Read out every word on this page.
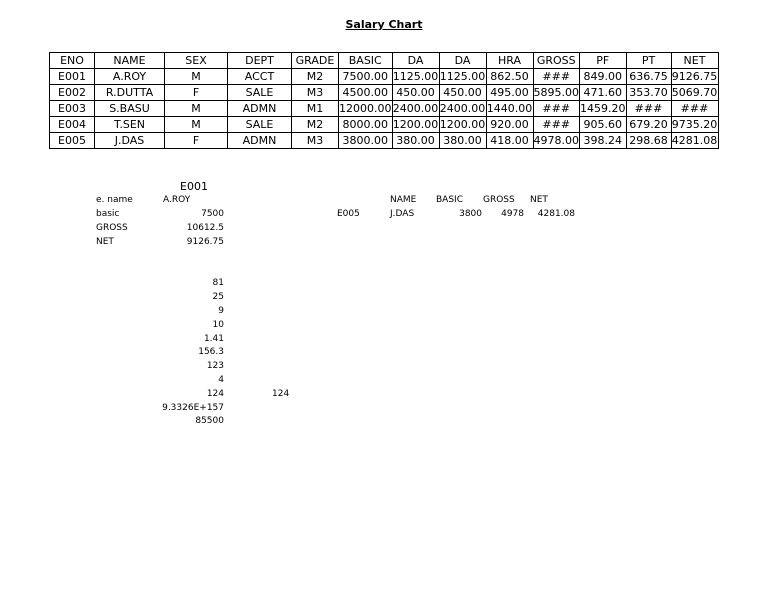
Salary Chart
ENO	NAME	SEX	DEPT	GRADE	BASIC	DA	DA	HRA	GROSS	PF	PT	NET
E001	A.ROY	M	ACCT	M2	7500.00	1125.00	1125.00	862.50	###	849.00	636.75	9126.75
E002	R.DUTTA	F	SALE	M3	4500.00	450.00	450.00	495.00	5895.00	471.60	353.70	5069.70
E003	S.BASU	M	ADMN	M1	12000.00	2400.00	2400.00	1440.00	###	1459.20	###	###
E004	T.SEN	M	SALE	M2	8000.00	1200.00	1200.00	920.00	###	905.60	679.20	9735.20
E005	J.DAS	F	ADMN	M3	3800.00	380.00	380.00	418.00	4978.00	398.24	298.68	4281.08
E001
e. name	A.ROY
basic	7500
GROSS	10612.5
NET	9126.75
NAME BASIC GROSS NET
E005	J.DAS	3800	4978	4281.08
81
25
9
10
1.41
156.3
123
4
124
9.3326E+157
85500
124
